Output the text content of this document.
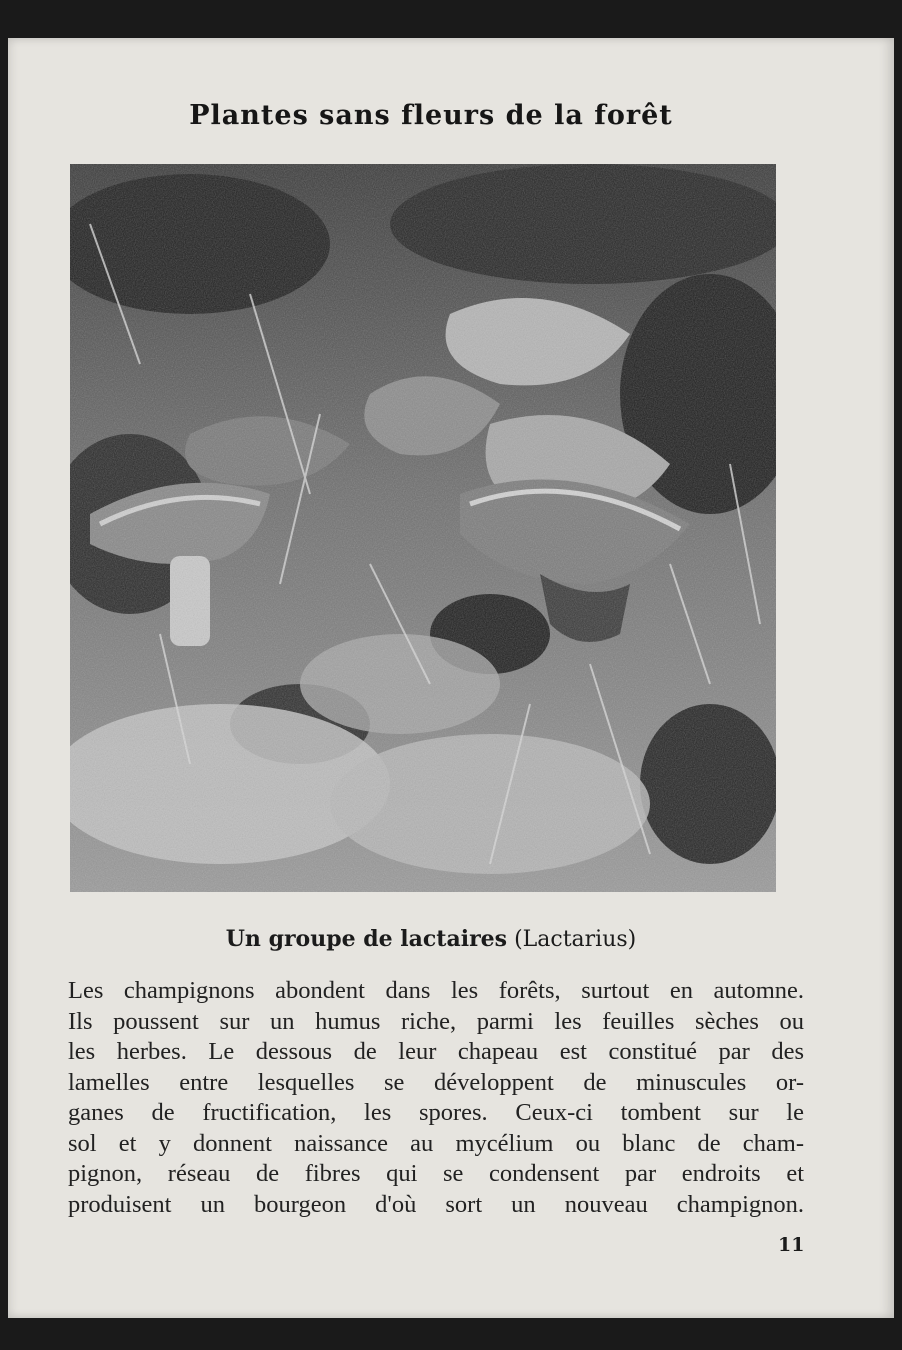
Plantes sans fleurs de la forêt
Un groupe de lactaires (Lactarius)
Les champignons abondent dans les forêts, surtout en automne.
Ils poussent sur un humus riche, parmi les feuilles sèches ou
les herbes. Le dessous de leur chapeau est constitué par des
lamelles entre lesquelles se développent de minuscules or-
ganes de fructification, les spores. Ceux-ci tombent sur le
sol et y donnent naissance au mycélium ou blanc de cham-
pignon, réseau de fibres qui se condensent par endroits et
produisent un bourgeon d'où sort un nouveau champignon.
11
